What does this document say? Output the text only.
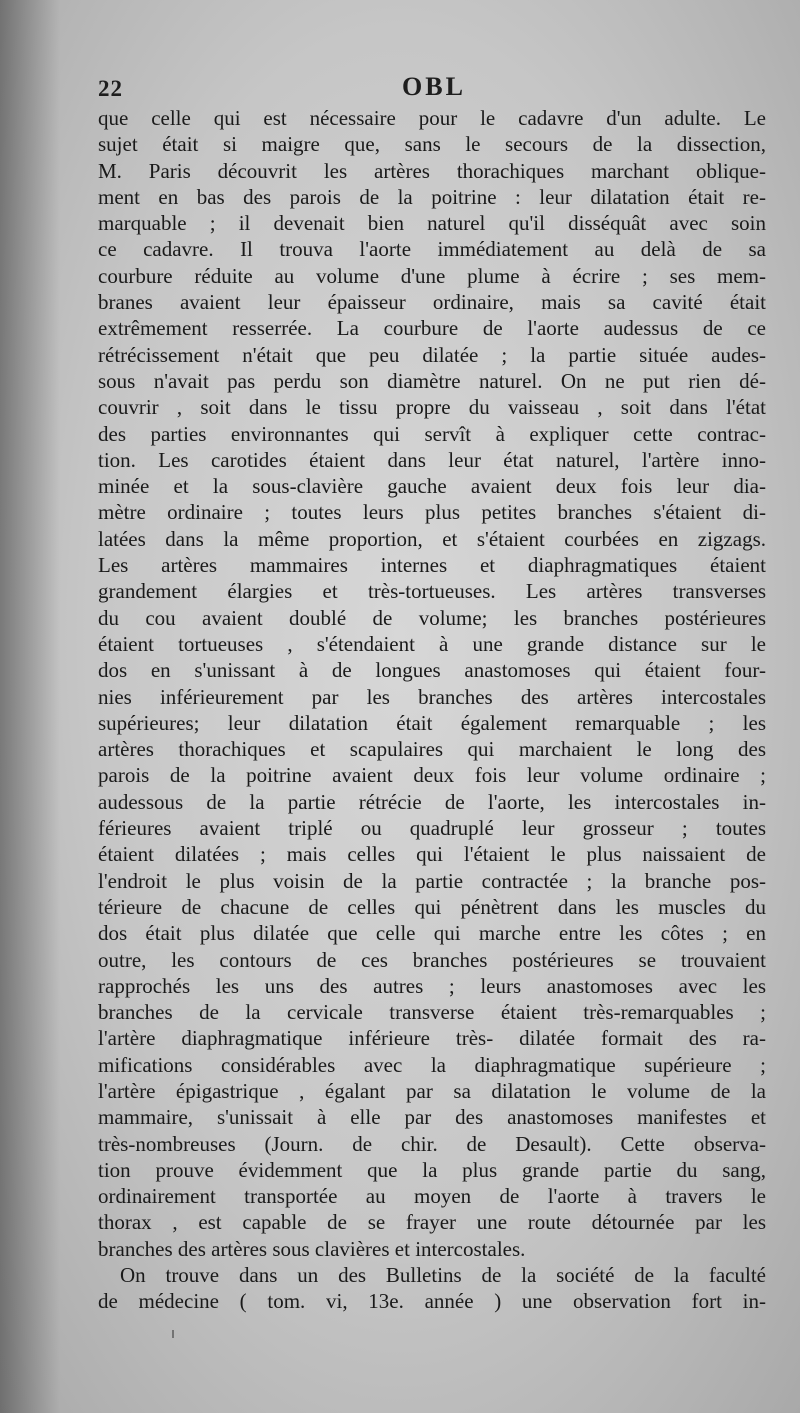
22	OBL
que celle qui est nécessaire pour le cadavre d'un adulte. Le
sujet était si maigre que, sans le secours de la dissection,
M. Paris découvrit les artères thorachiques marchant oblique-
ment en bas des parois de la poitrine : leur dilatation était re-
marquable ; il devenait bien naturel qu'il disséquât avec soin
ce cadavre. Il trouva l'aorte immédiatement au delà de sa
courbure réduite au volume d'une plume à écrire ; ses mem-
branes avaient leur épaisseur ordinaire, mais sa cavité était
extrêmement resserrée. La courbure de l'aorte audessus de ce
rétrécissement n'était que peu dilatée ; la partie située audes-
sous n'avait pas perdu son diamètre naturel. On ne put rien dé-
couvrir , soit dans le tissu propre du vaisseau , soit dans l'état
des parties environnantes qui servît à expliquer cette contrac-
tion. Les carotides étaient dans leur état naturel, l'artère inno-
minée et la sous-clavière gauche avaient deux fois leur dia-
mètre ordinaire ; toutes leurs plus petites branches s'étaient di-
latées dans la même proportion, et s'étaient courbées en zigzags.
Les artères mammaires internes et diaphragmatiques étaient
grandement élargies et très-tortueuses. Les artères transverses
du cou avaient doublé de volume; les branches postérieures
étaient tortueuses , s'étendaient à une grande distance sur le
dos en s'unissant à de longues anastomoses qui étaient four-
nies inférieurement par les branches des artères intercostales
supérieures; leur dilatation était également remarquable ; les
artères thorachiques et scapulaires qui marchaient le long des
parois de la poitrine avaient deux fois leur volume ordinaire ;
audessous de la partie rétrécie de l'aorte, les intercostales in-
férieures avaient triplé ou quadruplé leur grosseur ; toutes
étaient dilatées ; mais celles qui l'étaient le plus naissaient de
l'endroit le plus voisin de la partie contractée ; la branche pos-
térieure de chacune de celles qui pénètrent dans les muscles du
dos était plus dilatée que celle qui marche entre les côtes ; en
outre, les contours de ces branches postérieures se trouvaient
rapprochés les uns des autres ; leurs anastomoses avec les
branches de la cervicale transverse étaient très-remarquables ;
l'artère diaphragmatique inférieure très- dilatée formait des ra-
mifications considérables avec la diaphragmatique supérieure ;
l'artère épigastrique , égalant par sa dilatation le volume de la
mammaire, s'unissait à elle par des anastomoses manifestes et
très-nombreuses (Journ. de chir. de Desault). Cette observa-
tion prouve évidemment que la plus grande partie du sang,
ordinairement transportée au moyen de l'aorte à travers le
thorax , est capable de se frayer une route détournée par les
branches des artères sous clavières et intercostales.
On trouve dans un des Bulletins de la société de la faculté
de médecine ( tom. vi, 13e. année ) une observation fort in-
